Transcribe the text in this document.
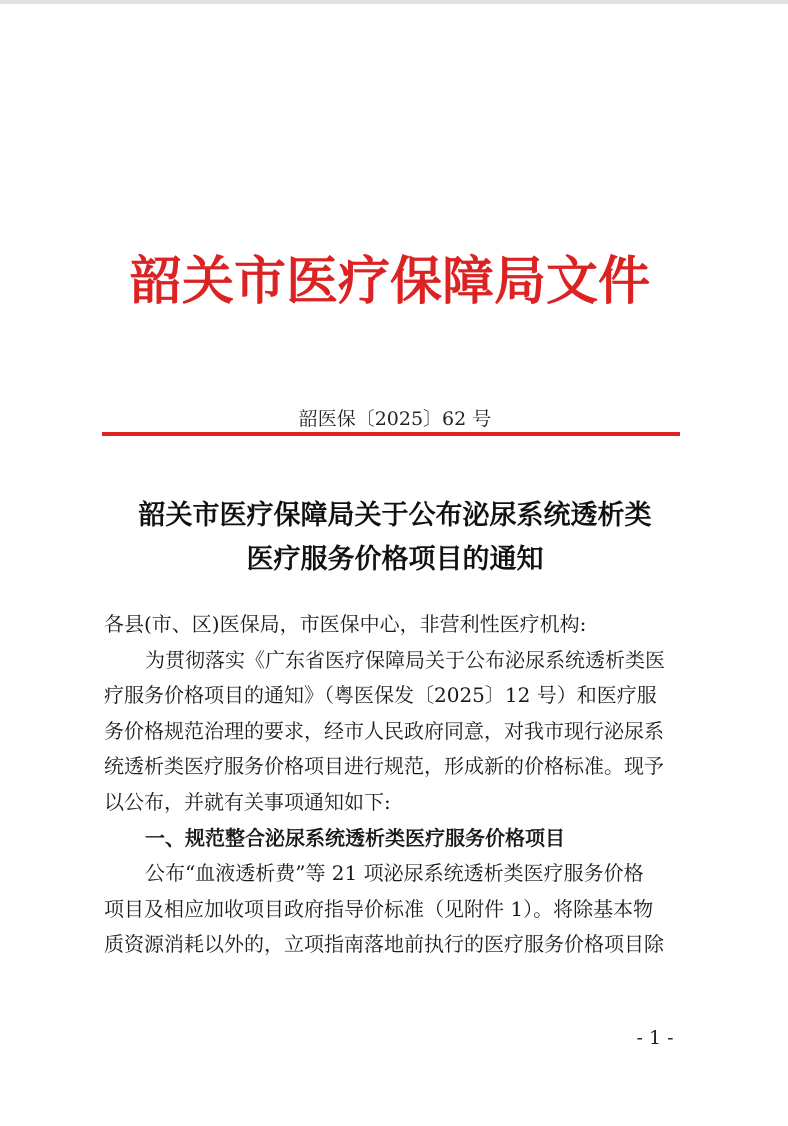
韶关市医疗保障局文件
韶医保〔2025〕62 号
韶关市医疗保障局关于公布泌尿系统透析类
医疗服务价格项目的通知

各县(市、区)医保局，市医保中心，非营利性医疗机构:

为贯彻落实《广东省医疗保障局关于公布泌尿系统透析类医

疗服务价格项目的通知》（粤医保发〔2025〕12 号）和医疗服

务价格规范治理的要求，经市人民政府同意，对我市现行泌尿系

统透析类医疗服务价格项目进行规范，形成新的价格标准。现予

以公布，并就有关事项通知如下:

一、规范整合泌尿系统透析类医疗服务价格项目

公布“血液透析费”等 21 项泌尿系统透析类医疗服务价格

项目及相应加收项目政府指导价标准（见附件 1）。将除基本物

质资源消耗以外的，立项指南落地前执行的医疗服务价格项目除

- 1 -
